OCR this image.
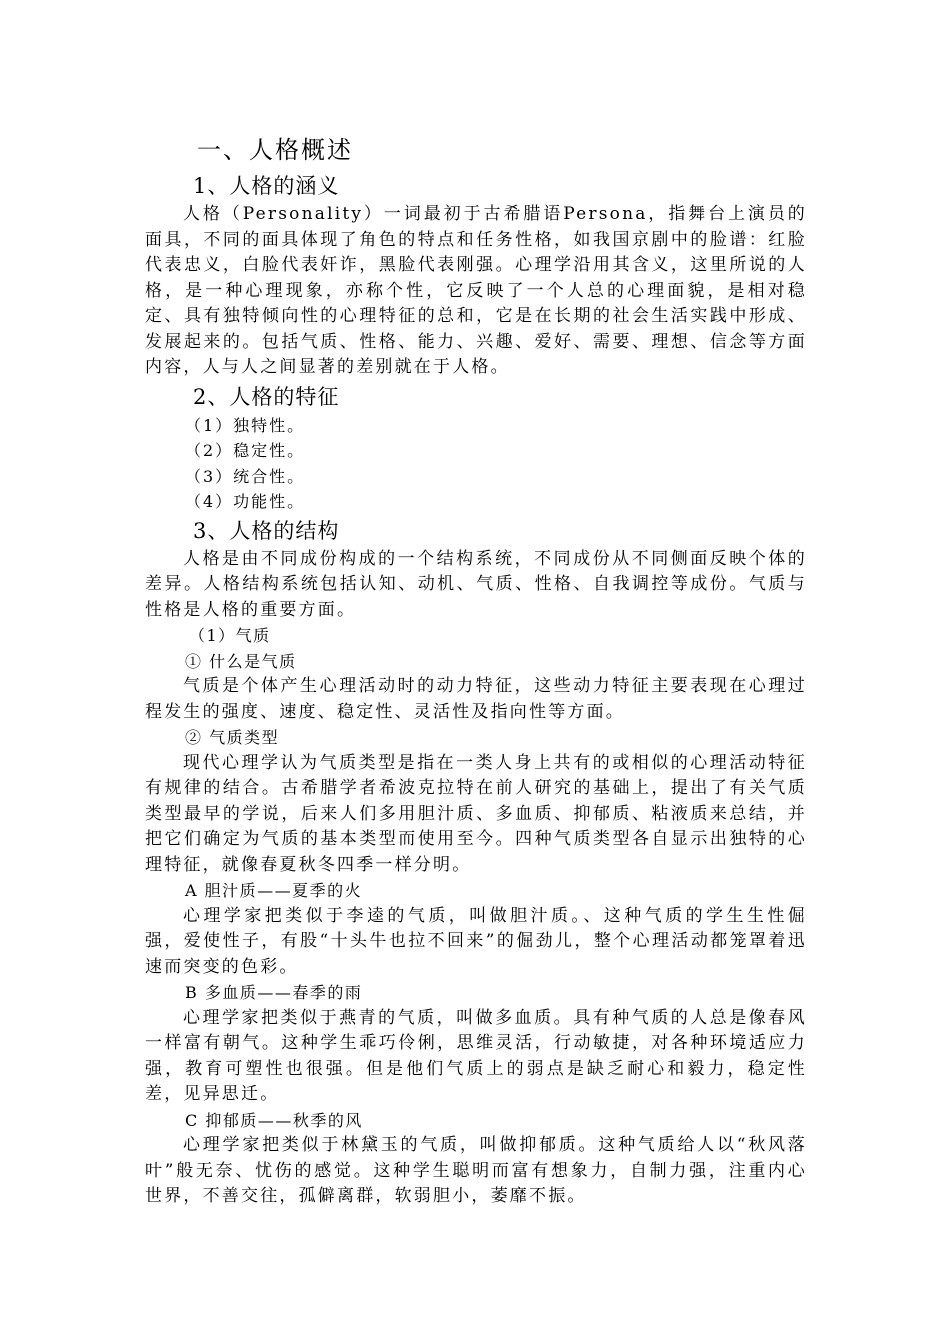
一、人格概述
1、人格的涵义

人格（Personality）一词最初于古希腊语Persona，指舞台上演员的面具，不同的面具体现了角色的特点和任务性格，如我国京剧中的脸谱：红脸代表忠义，白脸代表奸诈，黑脸代表刚强。心理学沿用其含义，这里所说的人格，是一种心理现象，亦称个性，它反映了一个人总的心理面貌，是相对稳定、具有独特倾向性的心理特征的总和，它是在长期的社会生活实践中形成、发展起来的。包括气质、性格、能力、兴趣、爱好、需要、理想、信念等方面内容，人与人之间显著的差别就在于人格。

2、人格的特征

（1）独特性。

（2）稳定性。

（3）统合性。

（4）功能性。

3、人格的结构

人格是由不同成份构成的一个结构系统，不同成份从不同侧面反映个体的差异。人格结构系统包括认知、动机、气质、性格、自我调控等成份。气质与性格是人格的重要方面。

（1）气质

① 什么是气质

气质是个体产生心理活动时的动力特征，这些动力特征主要表现在心理过程发生的强度、速度、稳定性、灵活性及指向性等方面。

② 气质类型

现代心理学认为气质类型是指在一类人身上共有的或相似的心理活动特征有规律的结合。古希腊学者希波克拉特在前人研究的基础上，提出了有关气质类型最早的学说，后来人们多用胆汁质、多血质、抑郁质、粘液质来总结，并把它们确定为气质的基本类型而使用至今。四种气质类型各自显示出独特的心理特征，就像春夏秋冬四季一样分明。

A 胆汁质——夏季的火

心理学家把类似于李逵的气质，叫做胆汁质。、这种气质的学生生性倔强，爱使性子，有股“十头牛也拉不回来”的倔劲儿，整个心理活动都笼罩着迅速而突变的色彩。

B 多血质——春季的雨

心理学家把类似于燕青的气质，叫做多血质。具有种气质的人总是像春风一样富有朝气。这种学生乖巧伶俐，思维灵活，行动敏捷，对各种环境适应力强，教育可塑性也很强。但是他们气质上的弱点是缺乏耐心和毅力，稳定性差，见异思迁。

C 抑郁质——秋季的风

心理学家把类似于林黛玉的气质，叫做抑郁质。这种气质给人以“秋风落叶”般无奈、忧伤的感觉。这种学生聪明而富有想象力，自制力强，注重内心世界，不善交往，孤僻离群，软弱胆小，萎靡不振。
